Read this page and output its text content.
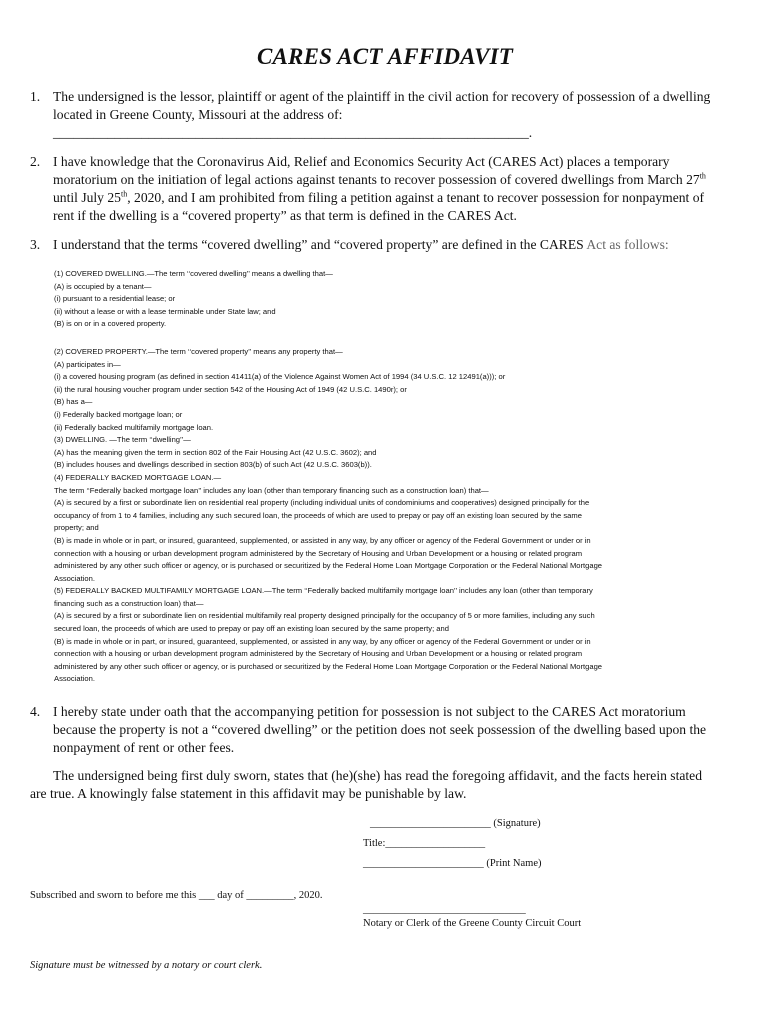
CARES ACT AFFIDAVIT
1. The undersigned is the lessor, plaintiff or agent of the plaintiff in the civil action for recovery of possession of a dwelling
located in Greene County, Missouri at the address of:
______________________________________________________________________.
2. I have knowledge that the Coronavirus Aid, Relief and Economics Security Act (CARES Act) places a temporary
moratorium on the initiation of legal actions against tenants to recover possession of covered dwellings from March 27th
until July 25th, 2020, and I am prohibited from filing a petition against a tenant to recover possession for nonpayment of
rent if the dwelling is a “covered property” as that term is defined in the CARES Act.
3. I understand that the terms “covered dwelling” and “covered property” are defined in the CARES Act as follows:
(1) COVERED DWELLING.—The term ‘‘covered dwelling’’ means a dwelling that—
(A) is occupied by a tenant—
(i) pursuant to a residential lease; or
(ii) without a lease or with a lease terminable under State law; and
(B) is on or in a covered property.
(2) COVERED PROPERTY.—The term ‘‘covered property’’ means any property that—
(A) participates in—
(i) a covered housing program (as defined in section 41411(a) of the Violence Against Women Act of 1994 (34 U.S.C. 12 12491(a))); or
(ii) the rural housing voucher program under section 542 of the Housing Act of 1949 (42 U.S.C. 1490r); or
(B) has a—
(i) Federally backed mortgage loan; or
(ii) Federally backed multifamily mortgage loan.
(3) DWELLING. —The term ‘‘dwelling’’—
(A) has the meaning given the term in section 802 of the Fair Housing Act (42 U.S.C. 3602); and
(B) includes houses and dwellings described in section 803(b) of such Act (42 U.S.C. 3603(b)).
(4) FEDERALLY BACKED MORTGAGE LOAN.—
The term ‘‘Federally backed mortgage loan’’ includes any loan (other than temporary financing such as a construction loan) that—
(A) is secured by a first or subordinate lien on residential real property (including individual units of condominiums and cooperatives) designed principally for the
occupancy of from 1 to 4 families, including any such secured loan, the proceeds of which are used to prepay or pay off an existing loan secured by the same
property; and
(B) is made in whole or in part, or insured, guaranteed, supplemented, or assisted in any way, by any officer or agency of the Federal Government or under or in
connection with a housing or urban development program administered by the Secretary of Housing and Urban Development or a housing or related program
administered by any other such officer or agency, or is purchased or securitized by the Federal Home Loan Mortgage Corporation or the Federal National Mortgage
Association.
(5) FEDERALLY BACKED MULTIFAMILY MORTGAGE LOAN.—The term ‘‘Federally backed multifamily mortgage loan’’ includes any loan (other than temporary
financing such as a construction loan) that—
(A) is secured by a first or subordinate lien on residential multifamily real property designed principally for the occupancy of 5 or more families, including any such
secured loan, the proceeds of which are used to prepay or pay off an existing loan secured by the same property; and
(B) is made in whole or in part, or insured, guaranteed, supplemented, or assisted in any way, by any officer or agency of the Federal Government or under or in
connection with a housing or urban development program administered by the Secretary of Housing and Urban Development or a housing or related program
administered by any other such officer or agency, or is purchased or securitized by the Federal Home Loan Mortgage Corporation or the Federal National Mortgage
Association.
4. I hereby state under oath that the accompanying petition for possession is not subject to the CARES Act moratorium
because the property is not a “covered dwelling” or the petition does not seek possession of the dwelling based upon the
nonpayment of rent or other fees.
The undersigned being first duly sworn, states that (he)(she) has read the foregoing affidavit, and the facts herein stated
are true. A knowingly false statement in this affidavit may be punishable by law.
_______________________ (Signature)
Title:___________________
_______________________ (Print Name)
Subscribed and sworn to before me this ___ day of _________, 2020.
_______________________________
Notary or Clerk of the Greene County Circuit Court
Signature must be witnessed by a notary or court clerk.
